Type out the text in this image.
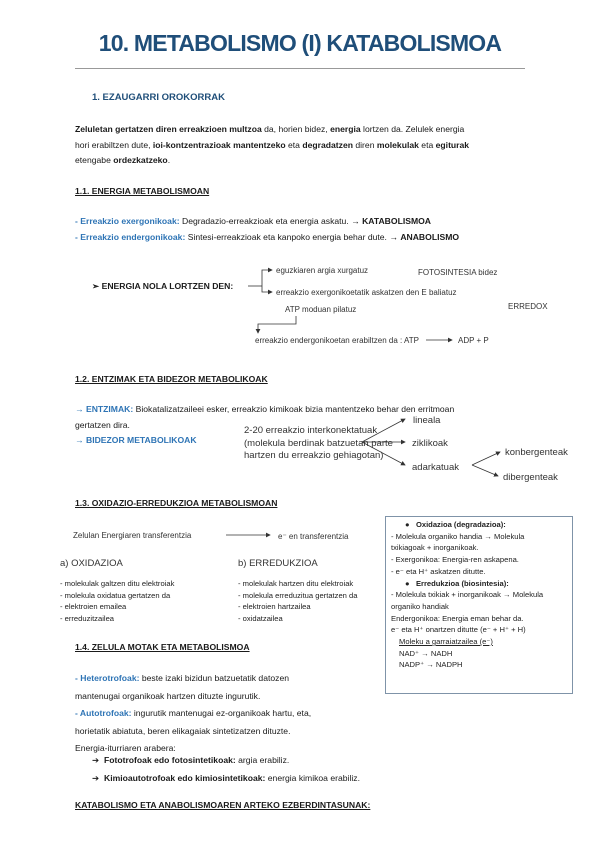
10. METABOLISMO (I) KATABOLISMOA
1. EZAUGARRI OROKORRAK
Zeluletan gertatzen diren erreakzioen multzoa da, horien bidez, energia lortzen da. Zelulek energia
hori erabiltzen dute, ioi-kontzentrazioak mantentzeko eta degradatzen diren molekulak eta egiturak
etengabe ordezkatzeko.
1.1. ENERGIA METABOLISMOAN
- Erreakzio exergonikoak: Degradazio-erreakzioak eta energia askatu. → KATABOLISMOA
- Erreakzio endergonikoak: Sintesi-erreakzioak eta kanpoko energia behar dute. → ANABOLISMO
➢ ENERGIA NOLA LORTZEN DEN:
eguzkiaren argia xurgatuz	FOTOSINTESIA bidez
erreakzio exergonikoetatik askatzen den E baliatuz
ERREDOX
ATP moduan pilatuz
erreakzio endergonikoetan erabiltzen da : ATP	ADP + P
1.2. ENTZIMAK ETA BIDEZOR METABOLIKOAK
→ ENTZIMAK: Biokatalizatzaileei esker, erreakzio kimikoak bizia mantentzeko behar den erritmoan
gertatzen dira.
→ BIDEZOR METABOLIKOAK
2-20 erreakzio interkonektatuak
(molekula berdinak batzuetan parte
hartzen du erreakzio gehiagotan)
lineala
ziklikoak
adarkatuak
konbergenteak
dibergenteak
1.3. OXIDAZIO-ERREDUKZIOA METABOLISMOAN
Zelulan Energiaren transferentzia	e⁻ en transferentzia
a) OXIDAZIOA
- molekulak galtzen ditu elektroiak
- molekula oxidatua gertatzen da
- elektroien emailea
- erreduzitzailea
b) ERREDUKZIOA
- molekulak hartzen ditu elektroiak
- molekula erreduzitua gertatzen da
- elektroien hartzailea
- oxidatzailea
● Oxidazioa (degradazioa):
- Molekula organiko handia → Molekula
txikiagoak + inorganikoak.
- Exergonikoa: Energia-ren askapena.
- e⁻ eta H⁺ askatzen ditutte.
● Erredukzioa (biosintesia):
- Molekula txikiak + inorganikoak → Molekula
organiko handiak
Endergonikoa: Energia eman behar da.
e⁻ eta H⁺ onartzen ditutte (e⁻ + H⁺ + H)
Moleku a garraiatzailea (e⁻)
NAD⁺ → NADH
NADP⁺ → NADPH
1.4. ZELULA MOTAK ETA METABOLISMOA
- Heterotrofoak: beste izaki bizidun batzuetatik datozen
mantenugai organikoak hartzen dituzte ingurutik.
- Autotrofoak: ingurutik mantenugai ez-organikoak hartu, eta,
horietatik abiatuta, beren elikagaiak sintetizatzen dituzte.
Energia-iturriaren arabera:
➔ Fototrofoak edo fotosintetikoak: argia erabiliz.
➔ Kimioautotrofoak edo kimiosintetikoak: energia kimikoa erabiliz.
KATABOLISMO ETA ANABOLISMOAREN ARTEKO EZBERDINTASUNAK:
